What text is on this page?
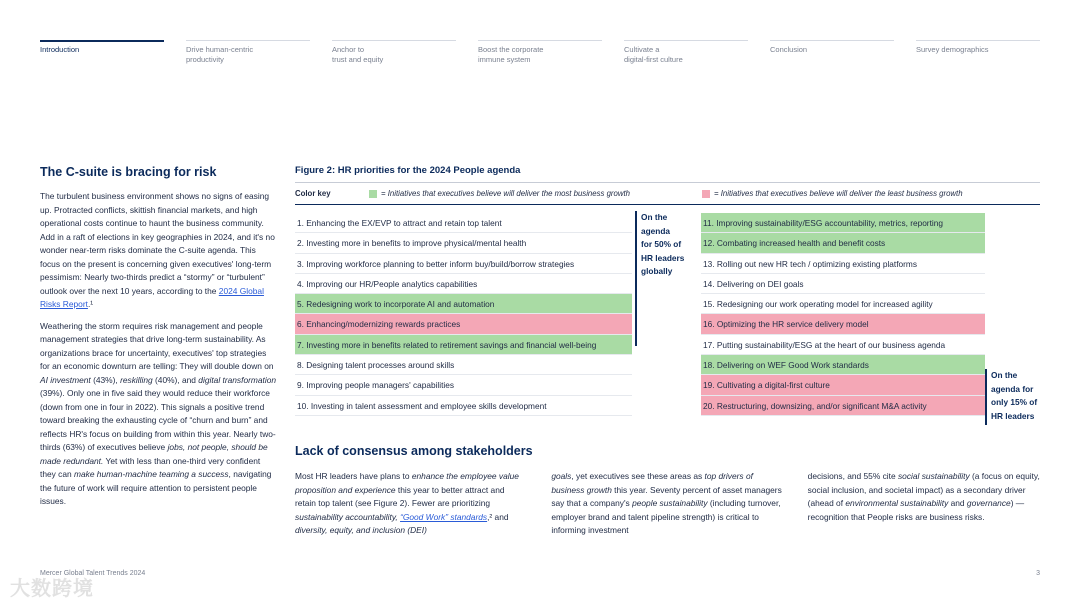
Introduction	Drive human-centric
productivity
Anchor to
trust and equity
Boost the corporate
immune system
Cultivate a
digital-first culture
Conclusion	Survey demographics
The C-suite is bracing for risk

The turbulent business environment shows no signs of easing up. Protracted conflicts, skittish financial markets, and high operational costs continue to haunt the business community. Add in a raft of elections in key geographies in 2024, and it's no wonder near-term risks dominate the C-suite agenda. This focus on the present is concerning given executives' long-term pessimism: Nearly two-thirds predict a “stormy” or “turbulent” outlook over the next 10 years, according to the 2024 Global Risks Report.¹

Weathering the storm requires risk management and people management strategies that drive long-term sustainability. As organizations brace for uncertainty, executives' top strategies for an economic downturn are telling: They will double down on AI investment (43%), reskilling (40%), and digital transformation (39%). Only one in five said they would reduce their workforce (down from one in four in 2022). This signals a positive trend toward breaking the exhausting cycle of “churn and burn” and reflects HR's focus on building from within this year. Nearly two-thirds (63%) of executives believe jobs, not people, should be made redundant. Yet with less than one-third very confident they can make human-machine teaming a success, navigating the future of work will require attention to persistent people issues.

Figure 2: HR priorities for the 2024 People agenda
Color key	= Initiatives that executives believe will deliver the most business growth	= Initiatives that executives believe will deliver the least business growth
1. Enhancing the EX/EVP to attract and retain top talent
2. Investing more in benefits to improve physical/mental health
3. Improving workforce planning to better inform buy/build/borrow strategies
4. Improving our HR/People analytics capabilities
5. Redesigning work to incorporate AI and automation
6. Enhancing/modernizing rewards practices
7. Investing more in benefits related to retirement savings and financial well-being
8. Designing talent processes around skills
9. Improving people managers' capabilities
10. Investing in talent assessment and employee skills development
11. Improving sustainability/ESG accountability, metrics, reporting
12. Combating increased health and benefit costs
13. Rolling out new HR tech / optimizing existing platforms
14. Delivering on DEI goals
15. Redesigning our work operating model for increased agility
16. Optimizing the HR service delivery model
17. Putting sustainability/ESG at the heart of our business agenda
18. Delivering on WEF Good Work standards
19. Cultivating a digital-first culture
20. Restructuring, downsizing, and/or significant M&A activity
On the
agenda
for 50% of
HR leaders
globally
On the
agenda for
only 15% of
HR leaders
Lack of consensus among stakeholders
Most HR leaders have plans to enhance the employee value proposition and experience this year to better attract and retain top talent (see Figure 2). Fewer are prioritizing sustainability accountability, “Good Work” standards,² and diversity, equity, and inclusion (DEI)
goals, yet executives see these areas as top drivers of business growth this year. Seventy percent of asset managers say that a company's people sustainability (including turnover, employer brand and talent pipeline strength) is critical to informing investment
decisions, and 55% cite social sustainability (a focus on equity, social inclusion, and societal impact) as a secondary driver (ahead of environmental sustainability and governance) — recognition that People risks are business risks.
大数跨境
Mercer Global Talent Trends 2024	3
